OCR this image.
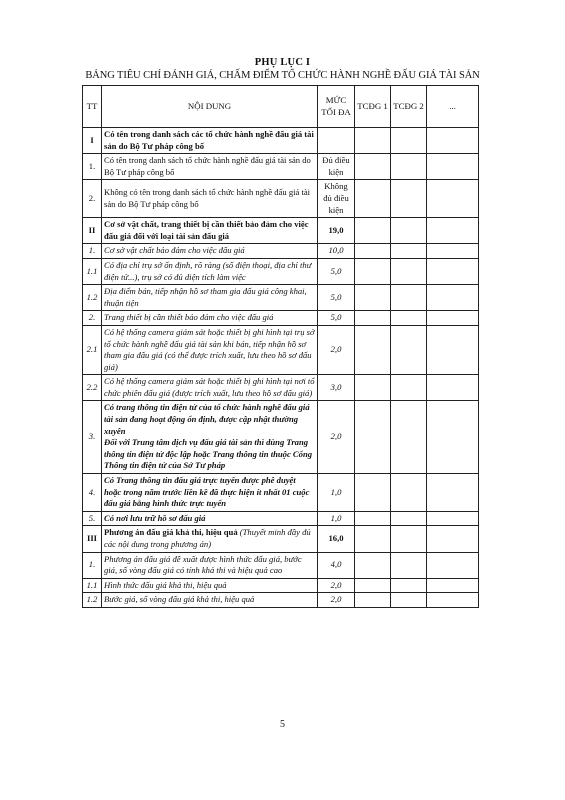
PHỤ LỤC I
BẢNG TIÊU CHÍ ĐÁNH GIÁ, CHẤM ĐIỂM TỔ CHỨC HÀNH NGHỀ ĐẤU GIÁ TÀI SẢN
TT	NỘI DUNG	MỨC TỐI ĐA	TCĐG 1	TCĐG 2	...
I	Có tên trong danh sách các tổ chức hành nghề đấu giá tài sản do Bộ Tư pháp công bố				
1.	Có tên trong danh sách tổ chức hành nghề đấu giá tài sản do Bộ Tư pháp công bố	Đủ điều kiện			
2.	Không có tên trong danh sách tổ chức hành nghề đấu giá tài sản do Bộ Tư pháp công bố	Không đủ điều kiện			
II	Cơ sở vật chất, trang thiết bị cần thiết bảo đảm cho việc đấu giá đối với loại tài sản đấu giá	19,0			
1.	Cơ sở vật chất bảo đảm cho việc đấu giá	10,0			
1.1	Có địa chỉ trụ sở ổn định, rõ ràng (số điện thoại, địa chỉ thư điện tử...), trụ sở có đủ diện tích làm việc	5,0			
1.2	Địa điểm bán, tiếp nhận hồ sơ tham gia đấu giá công khai, thuận tiện	5,0			
2.	Trang thiết bị cần thiết bảo đảm cho việc đấu giá	5,0			
2.1	Có hệ thống camera giám sát hoặc thiết bị ghi hình tại trụ sở tổ chức hành nghề đấu giá tài sản khi bán, tiếp nhận hồ sơ tham gia đấu giá (có thể được trích xuất, lưu theo hồ sơ đấu giá)	2,0			
2.2	Có hệ thống camera giám sát hoặc thiết bị ghi hình tại nơi tổ chức phiên đấu giá (được trích xuất, lưu theo hồ sơ đấu giá)	3,0			
3.	Có trang thông tin điện tử của tổ chức hành nghề đấu giá tài sản đang hoạt động ổn định, được cập nhật thường xuyên
Đối với Trung tâm dịch vụ đấu giá tài sản thì dùng Trang thông tin điện tử độc lập hoặc Trang thông tin thuộc Cổng Thông tin điện tử của Sở Tư pháp	2,0			
4.	Có Trang thông tin đấu giá trực tuyến được phê duyệt hoặc trong năm trước liền kề đã thực hiện ít nhất 01 cuộc đấu giá bằng hình thức trực tuyến	1,0			
5.	Có nơi lưu trữ hồ sơ đấu giá	1,0			
III	Phương án đấu giá khả thi, hiệu quả (Thuyết minh đầy đủ các nội dung trong phương án)	16,0			
1.	Phương án đấu giá đề xuất được hình thức đấu giá, bước giá, số vòng đấu giá có tính khả thi và hiệu quả cao	4,0			
1.1	Hình thức đấu giá khả thi, hiệu quả	2,0			
1.2	Bước giá, số vòng đấu giá khả thi, hiệu quả	2,0			
5
